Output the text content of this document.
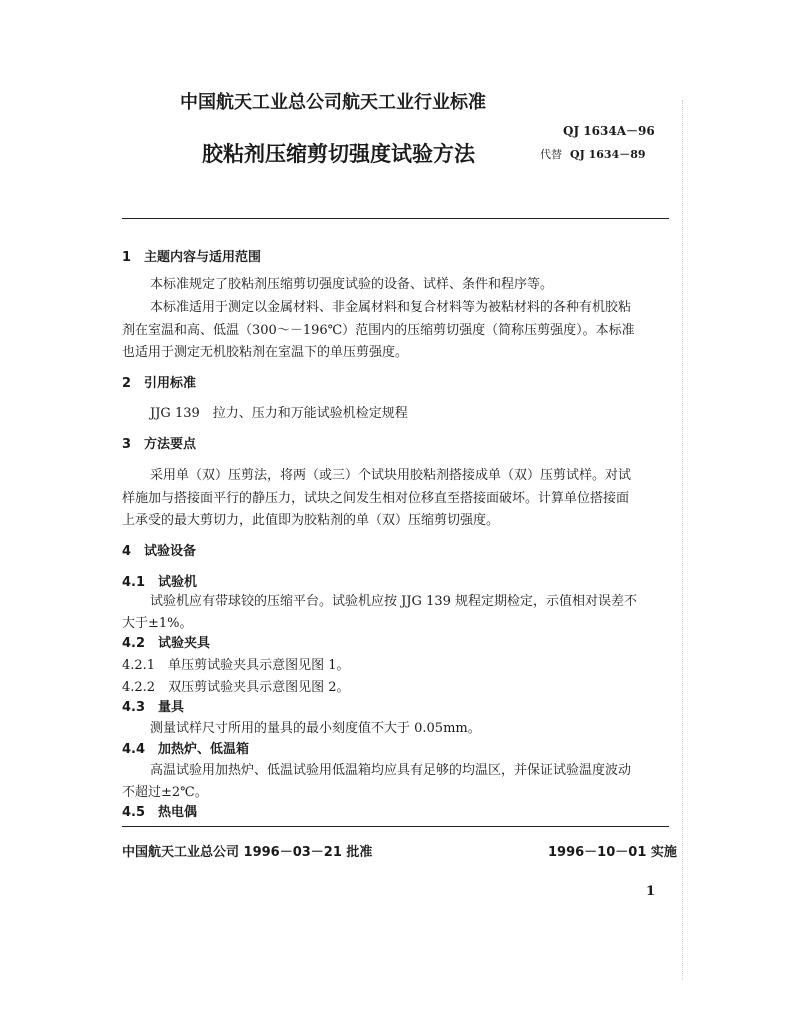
中国航天工业总公司航天工业行业标准
QJ 1634A－96
胶粘剂压缩剪切强度试验方法	代替 QJ 1634－89
1　主题内容与适用范围
本标准规定了胶粘剂压缩剪切强度试验的设备、试样、条件和程序等。
本标准适用于测定以金属材料、非金属材料和复合材料等为被粘材料的各种有机胶粘
剂在室温和高、低温（300～－196℃）范围内的压缩剪切强度（简称压剪强度）。本标准
也适用于测定无机胶粘剂在室温下的单压剪强度。
2　引用标准
JJG 139　拉力、压力和万能试验机检定规程
3　方法要点
采用单（双）压剪法，将两（或三）个试块用胶粘剂搭接成单（双）压剪试样。对试
样施加与搭接面平行的静压力，试块之间发生相对位移直至搭接面破坏。计算单位搭接面
上承受的最大剪切力，此值即为胶粘剂的单（双）压缩剪切强度。
4　试验设备
4.1　试验机
试验机应有带球铰的压缩平台。试验机应按 JJG 139 规程定期检定，示值相对误差不
大于±1%。
4.2　试验夹具
4.2.1　单压剪试验夹具示意图见图 1。
4.2.2　双压剪试验夹具示意图见图 2。
4.3　量具
测量试样尺寸所用的量具的最小刻度值不大于 0.05mm。
4.4　加热炉、低温箱
高温试验用加热炉、低温试验用低温箱均应具有足够的均温区，并保证试验温度波动
不超过±2℃。
4.5　热电偶
中国航天工业总公司 1996－03－21 批准	1996－10－01 实施
1
